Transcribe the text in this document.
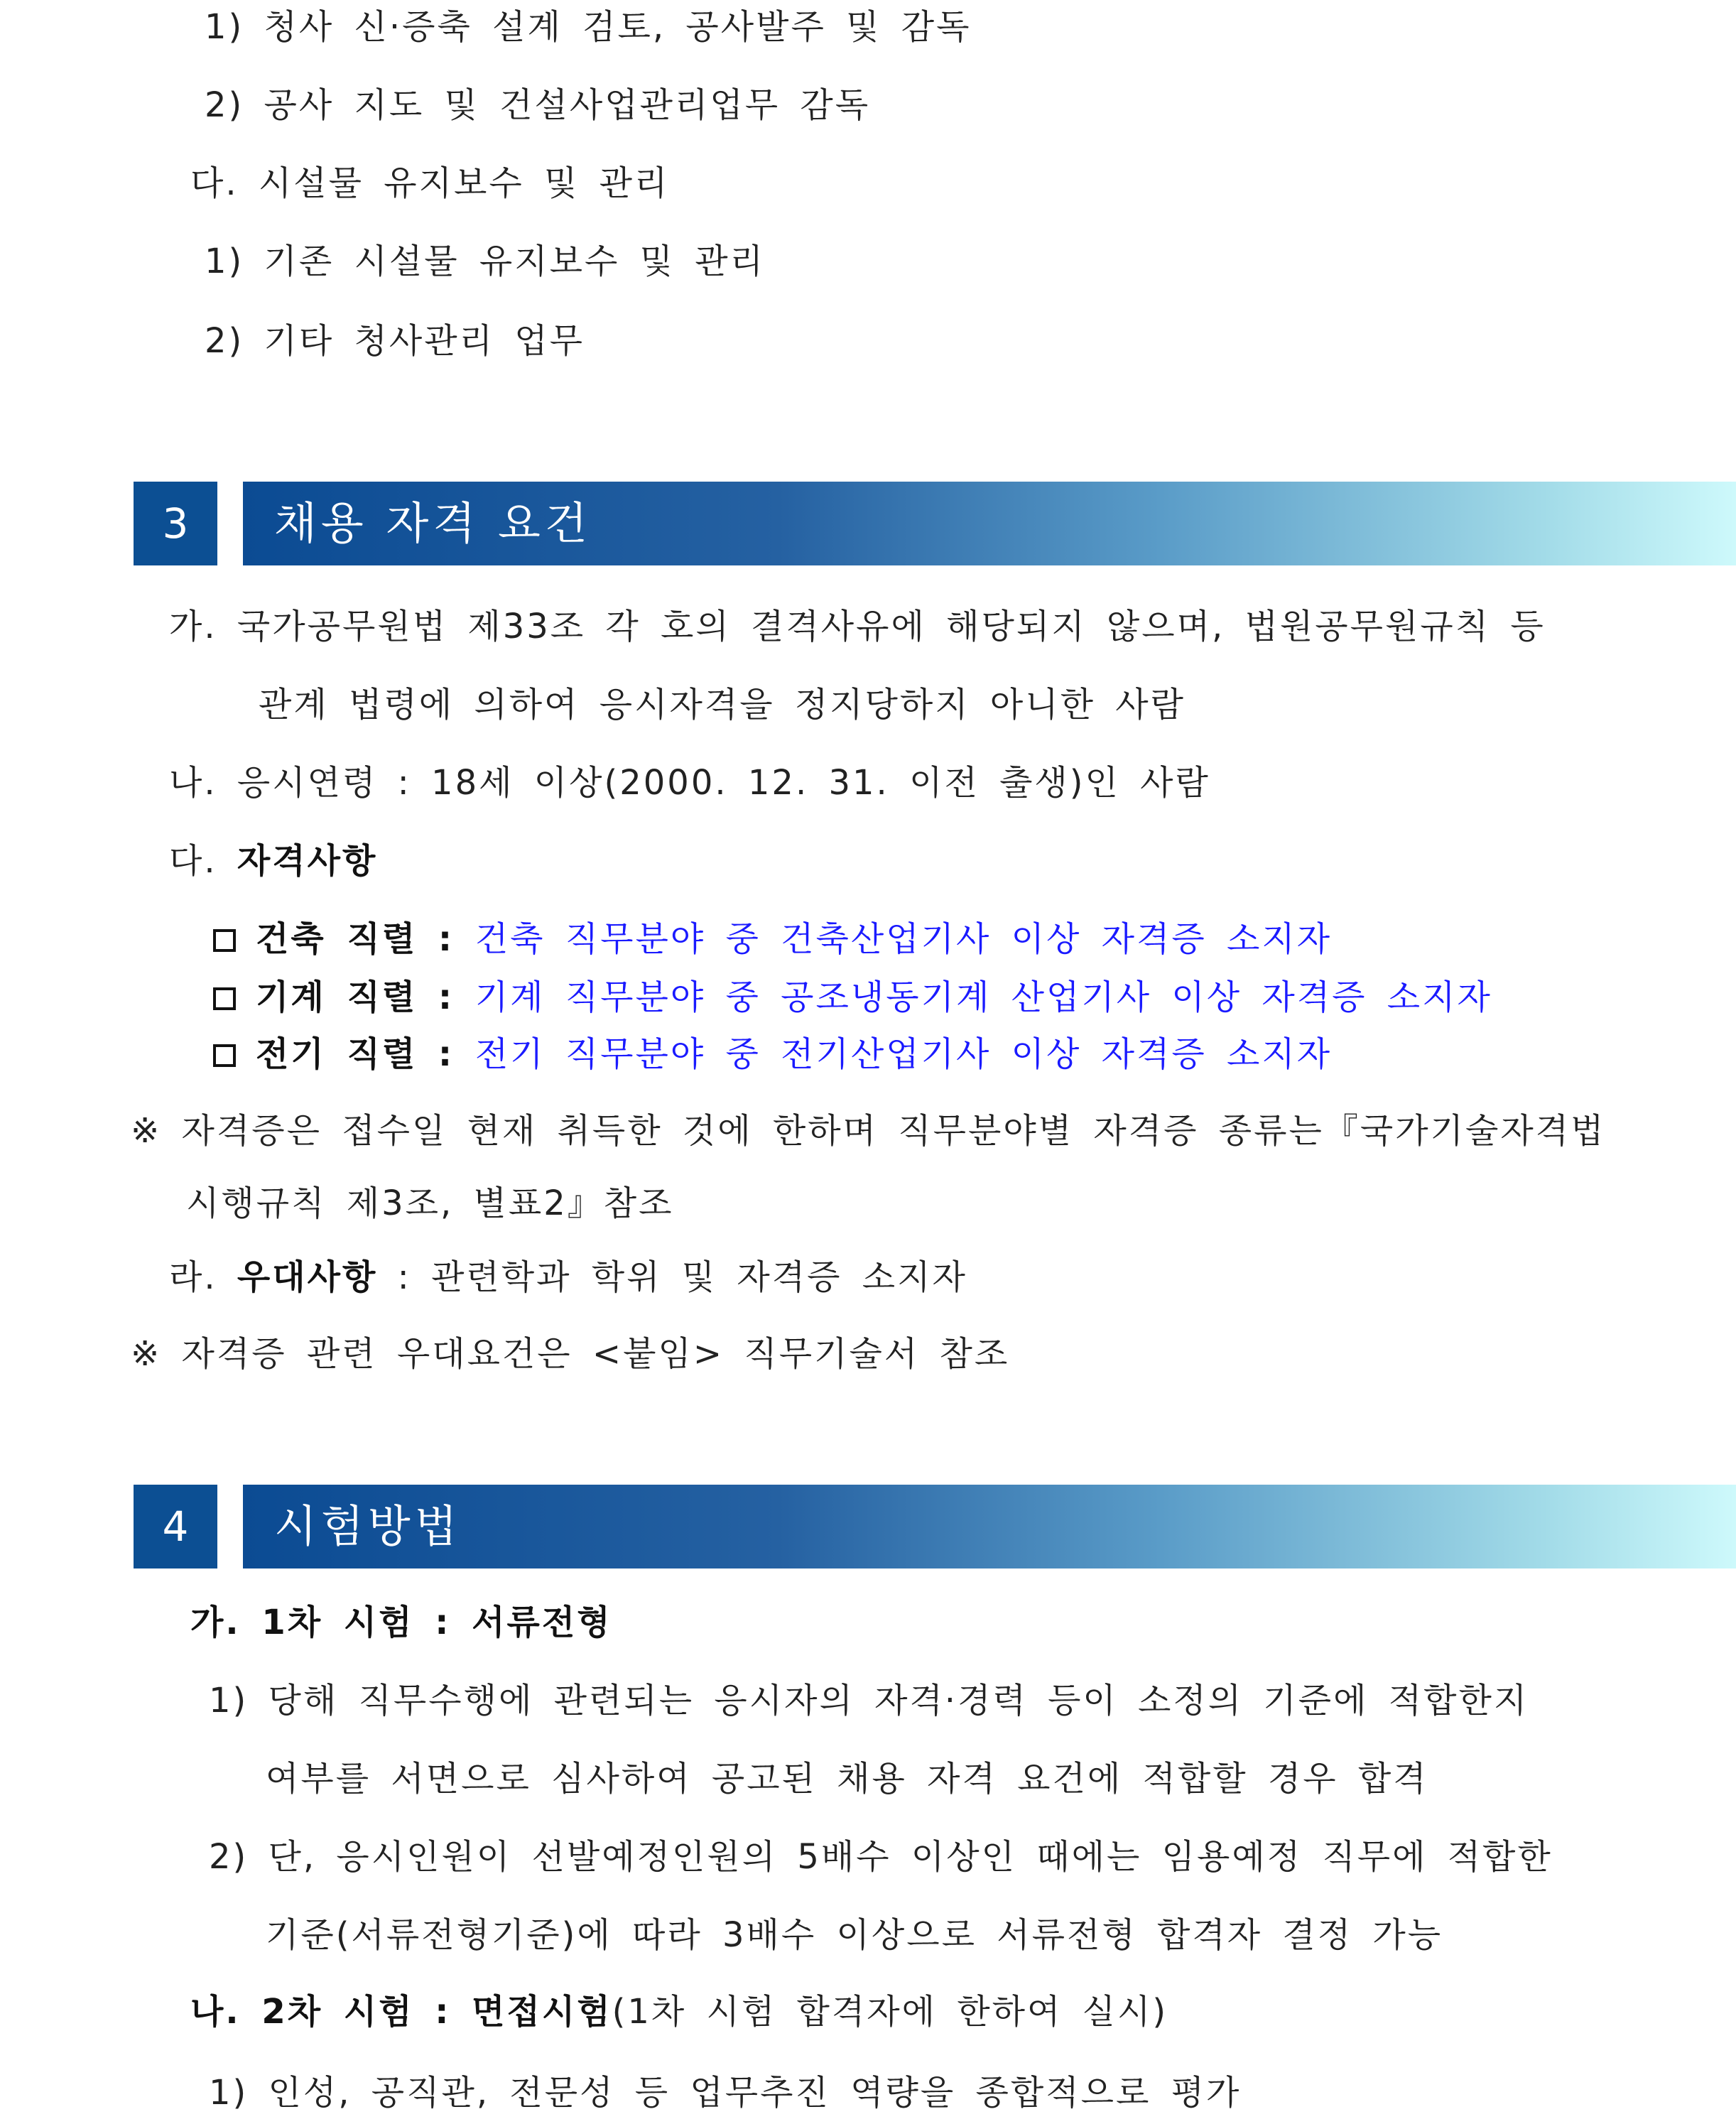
1) 청사 신·증축 설계 검토, 공사발주 및 감독
2) 공사 지도 및 건설사업관리업무 감독
다. 시설물 유지보수 및 관리
1) 기존 시설물 유지보수 및 관리
2) 기타 청사관리 업무
3	채용 자격 요건
가. 국가공무원법 제33조 각 호의 결격사유에 해당되지 않으며, 법원공무원규칙 등
관계 법령에 의하여 응시자격을 정지당하지 아니한 사람
나. 응시연령 : 18세 이상(2000. 12. 31. 이전 출생)인 사람
다. 자격사항
건축 직렬 : 건축 직무분야 중 건축산업기사 이상 자격증 소지자
기계 직렬 : 기계 직무분야 중 공조냉동기계 산업기사 이상 자격증 소지자
전기 직렬 : 전기 직무분야 중 전기산업기사 이상 자격증 소지자
※ 자격증은 접수일 현재 취득한 것에 한하며 직무분야별 자격증 종류는『국가기술자격법
시행규칙 제3조, 별표2』참조
라. 우대사항 : 관련학과 학위 및 자격증 소지자
※ 자격증 관련 우대요건은 <붙임> 직무기술서 참조
4	시험방법
가. 1차 시험 : 서류전형
1) 당해 직무수행에 관련되는 응시자의 자격·경력 등이 소정의 기준에 적합한지
여부를 서면으로 심사하여 공고된 채용 자격 요건에 적합할 경우 합격
2) 단, 응시인원이 선발예정인원의 5배수 이상인 때에는 임용예정 직무에 적합한
기준(서류전형기준)에 따라 3배수 이상으로 서류전형 합격자 결정 가능
나. 2차 시험 : 면접시험(1차 시험 합격자에 한하여 실시)
1) 인성, 공직관, 전문성 등 업무추진 역량을 종합적으로 평가
